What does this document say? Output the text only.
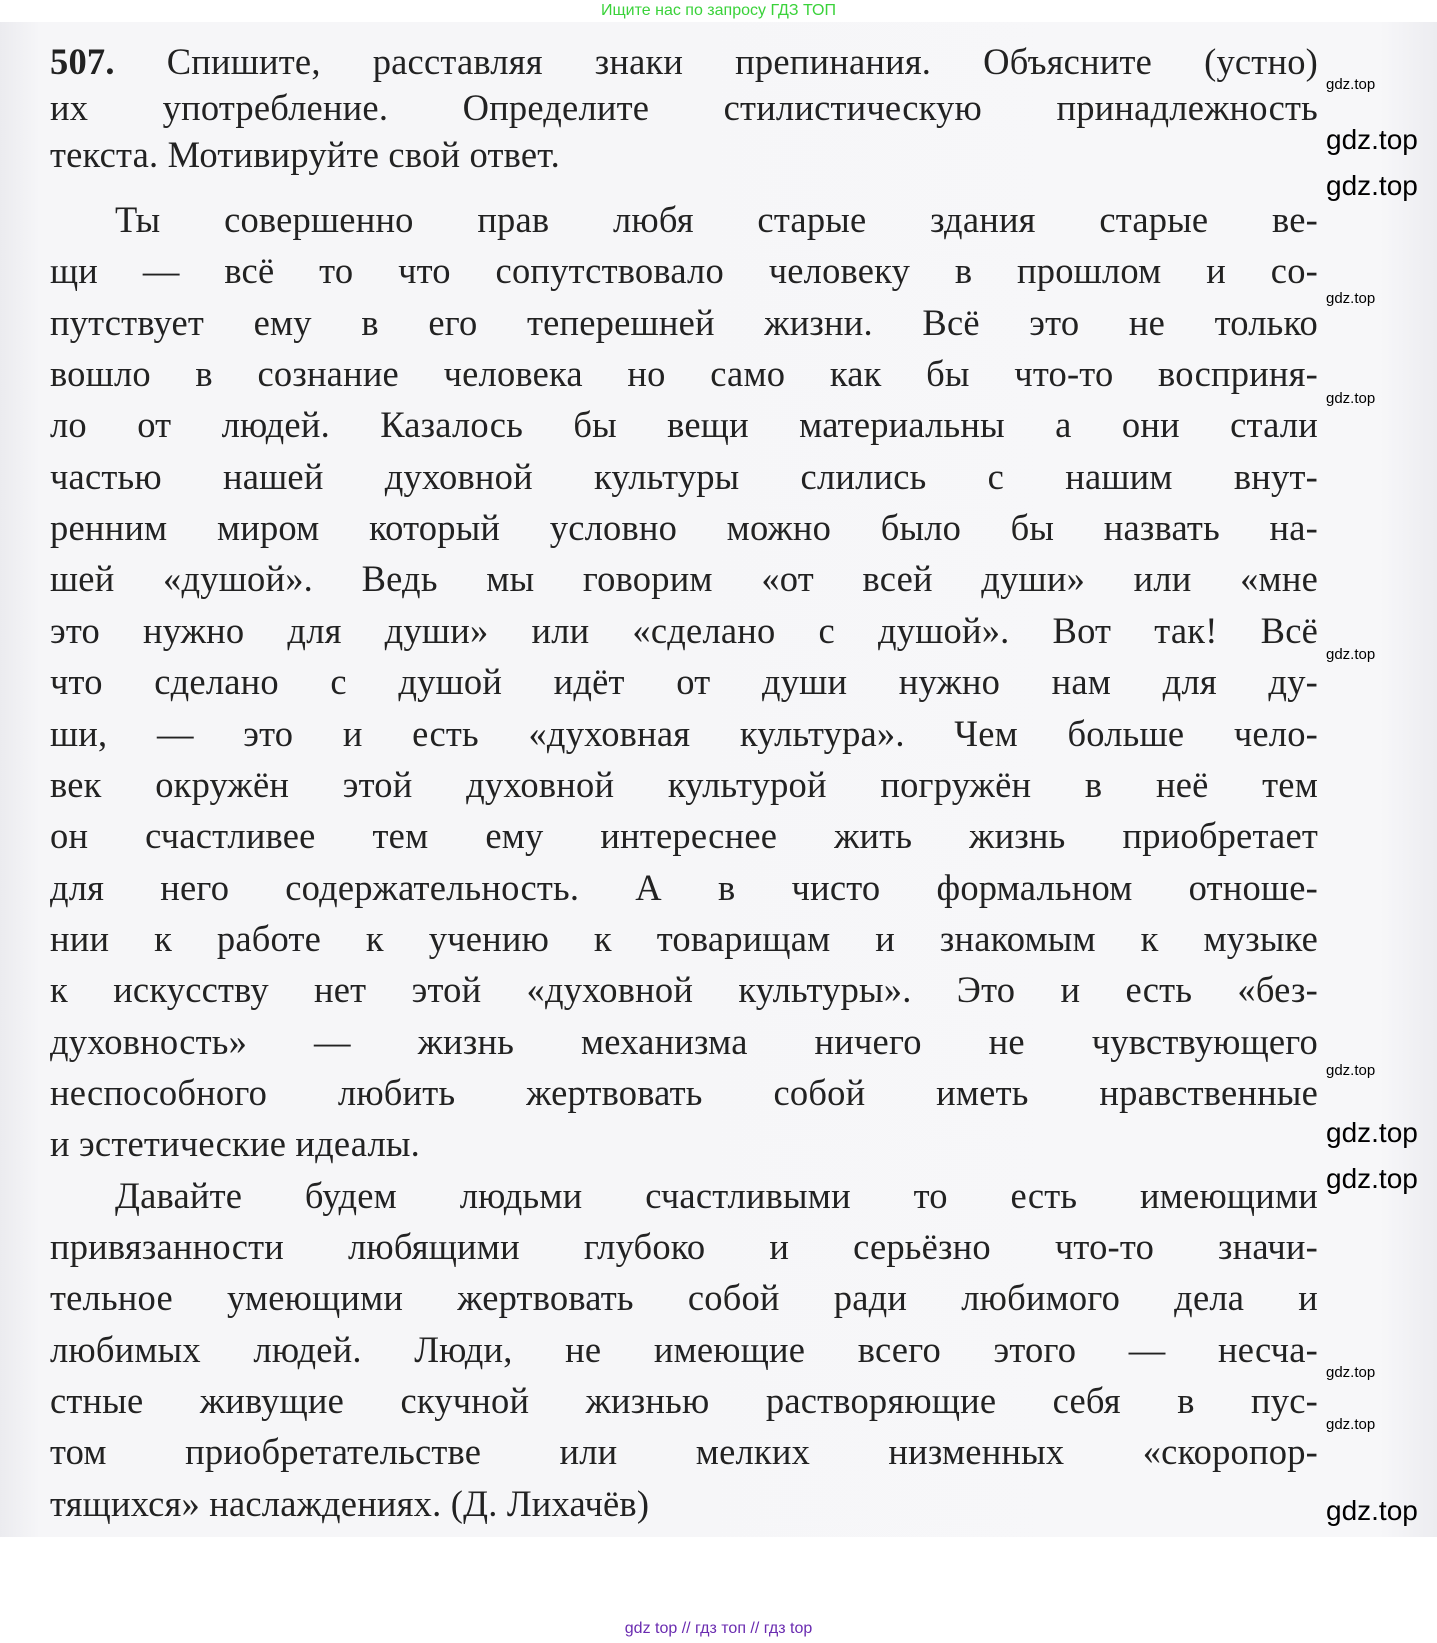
Ищите нас по запросу ГДЗ ТОП
507. Спишите, расставляя знаки препинания. Объясните (устно)
их употребление. Определите стилистическую принадлежность
текста. Мотивируйте свой ответ.
Ты совершенно прав любя старые здания старые ве-
щи — всё то что сопутствовало человеку в прошлом и со-
путствует ему в его теперешней жизни. Всё это не только
вошло в сознание человека но само как бы что-то восприня-
ло от людей. Казалось бы вещи материальны а они стали
частью нашей духовной культуры слились с нашим внут-
ренним миром который условно можно было бы назвать на-
шей «душой». Ведь мы говорим «от всей души» или «мне
это нужно для души» или «сделано с душой». Вот так! Всё
что сделано с душой идёт от души нужно нам для ду-
ши, — это и есть «духовная культура». Чем больше чело-
век окружён этой духовной культурой погружён в неё тем
он счастливее тем ему интереснее жить жизнь приобретает
для него содержательность. А в чисто формальном отноше-
нии к работе к учению к товарищам и знакомым к музыке
к искусству нет этой «духовной культуры». Это и есть «без-
духовность» — жизнь механизма ничего не чувствующего
неспособного любить жертвовать собой иметь нравственные
и эстетические идеалы.
Давайте будем людьми счастливыми то есть имеющими
привязанности любящими глубоко и серьёзно что-то значи-
тельное умеющими жертвовать собой ради любимого дела и
любимых людей. Люди, не имеющие всего этого — несча-
стные живущие скучной жизнью растворяющие себя в пус-
том приобретательстве или мелких низменных «скоропор-
тящихся» наслаждениях. (Д. Лихачёв)
gdz.top
gdz.top
gdz.top
gdz.top
gdz.top
gdz.top
gdz.top
gdz.top
gdz.top
gdz.top
gdz.top
gdz.top
gdz top // гдз топ // гдз top
